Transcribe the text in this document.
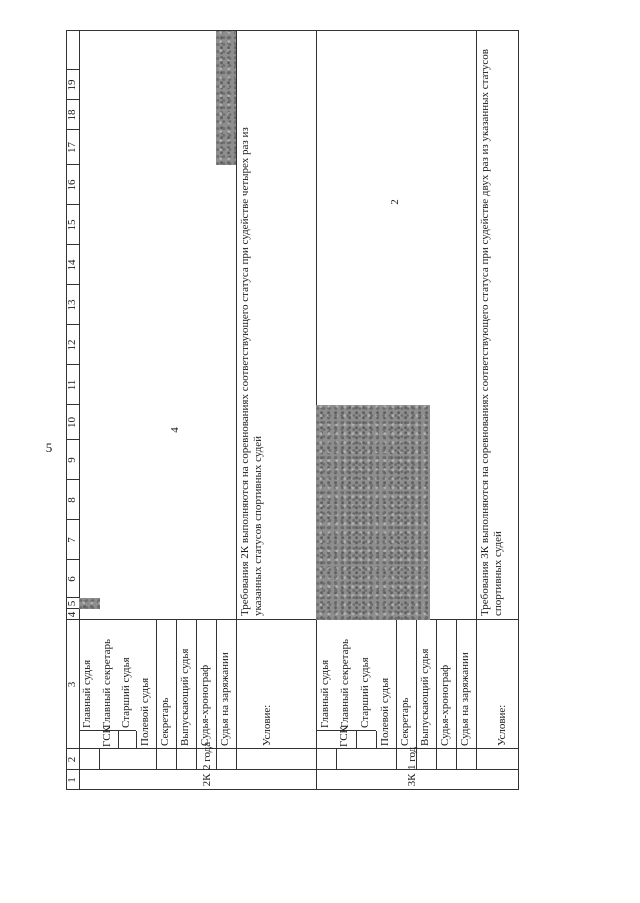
5
1
2
3
4
5
6
7
8
9
10
11
12
13
14
15
16
17
18
19
2К
2 года
ГСК
Главный судья Главный секретарь Старший судья Полевой судья Секретарь Выпускающий судья Судья-хронограф Судья на заряжании	Условие:
Требования 2К выполняются на соревнованиях соответствующего статуса при судействе четырех раз из указанных статусов спортивных судей
4
3К
1 год
ГСК
Главный судья Главный секретарь Старший судья Полевой судья Секретарь Выпускающий судья Судья-хронограф Судья на заряжании Условие:
Требования 3К выполняются на соревнованиях соответствующего статуса при судействе двух раз из указанных статусов спортивных судей
2
